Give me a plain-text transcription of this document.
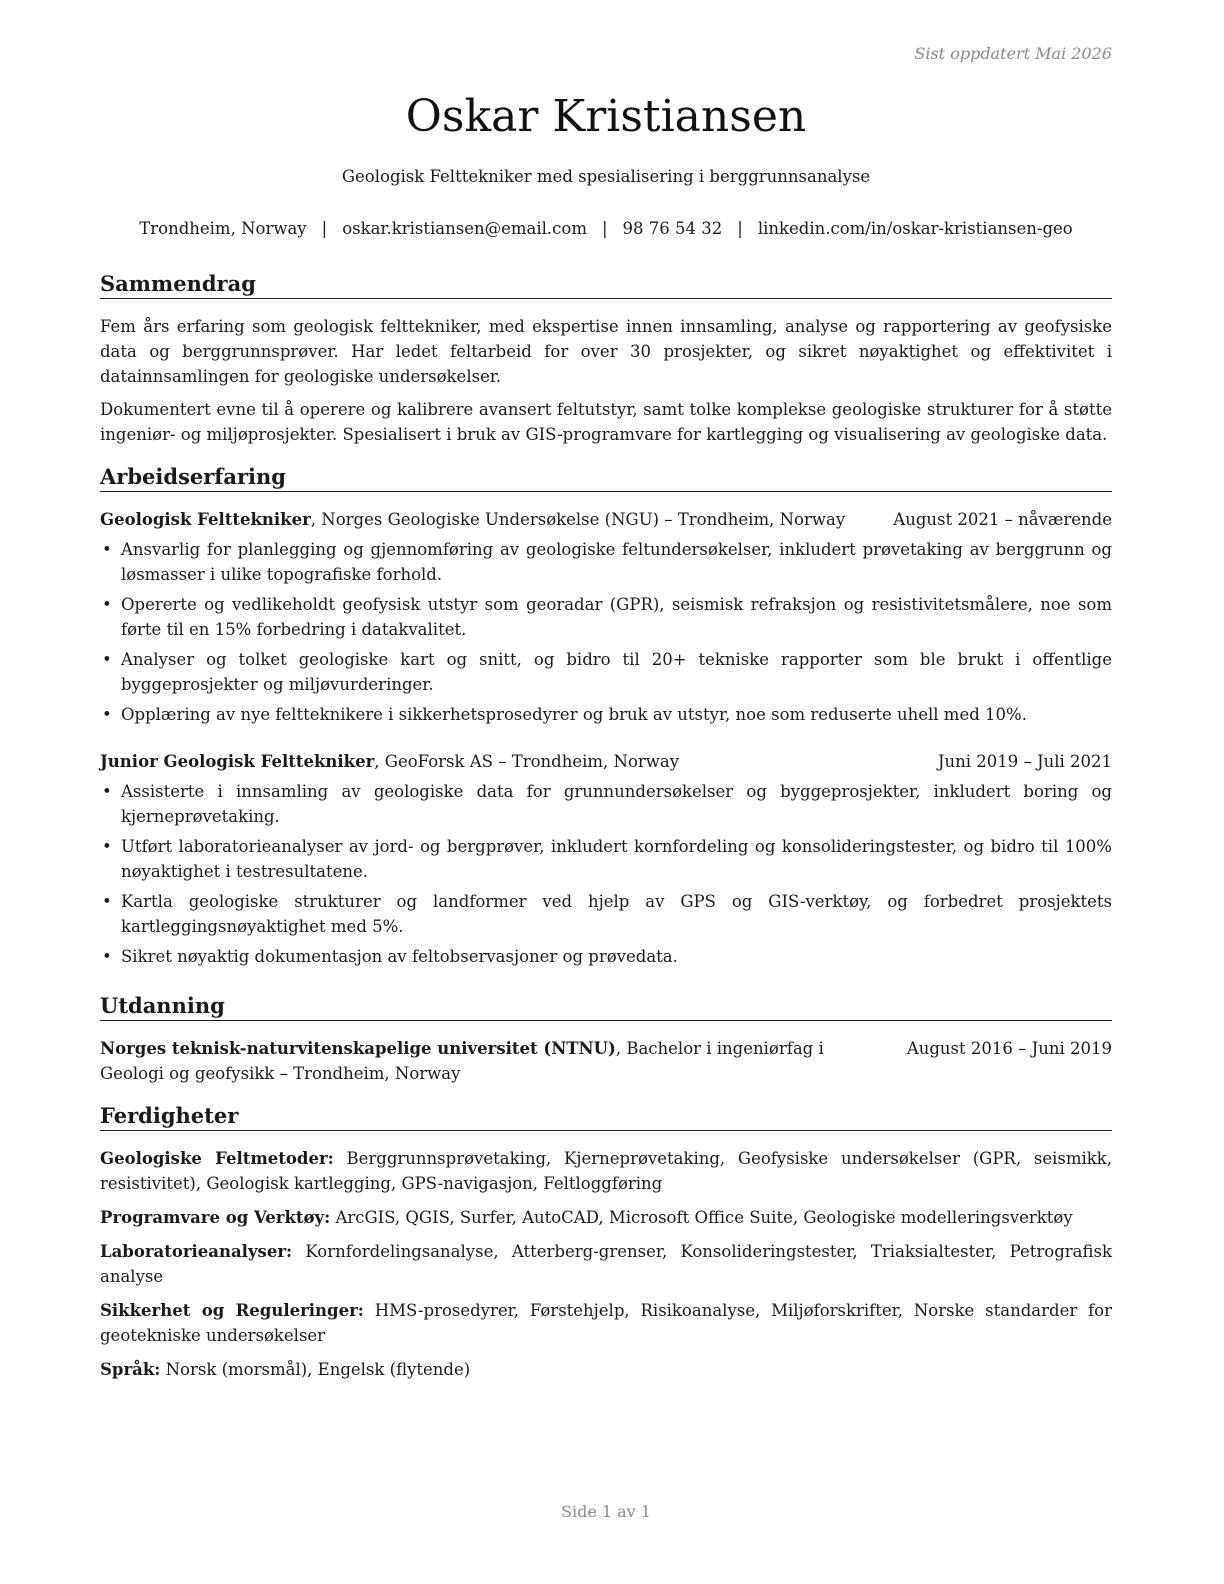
Sist oppdatert Mai 2026
Oskar Kristiansen
Geologisk Felttekniker med spesialisering i berggrunnsanalyse
Trondheim, Norway | oskar.kristiansen@email.com | 98 76 54 32 | linkedin.com/in/oskar-kristiansen-geo
Sammendrag

Fem års erfaring som geologisk felttekniker, med ekspertise innen innsamling, analyse og rapportering av geofysiske data og berggrunnsprøver. Har ledet feltarbeid for over 30 prosjekter, og sikret nøyaktighet og effektivitet i datainnsamlingen for geologiske undersøkelser.

Dokumentert evne til å operere og kalibrere avansert feltutstyr, samt tolke komplekse geologiske strukturer for å støtte ingeniør- og miljøprosjekter. Spesialisert i bruk av GIS-programvare for kartlegging og visualisering av geologiske data.

Arbeidserfaring
Geologisk Felttekniker, Norges Geologiske Undersøkelse (NGU) – Trondheim, Norway	August 2021 – nåværende
• Ansvarlig for planlegging og gjennomføring av geologiske feltundersøkelser, inkludert prøvetaking av berggrunn og løsmasser i ulike topografiske forhold.
• Opererte og vedlikeholdt geofysisk utstyr som georadar (GPR), seismisk refraksjon og resistivitetsmålere, noe som førte til en 15% forbedring i datakvalitet.
• Analyser og tolket geologiske kart og snitt, og bidro til 20+ tekniske rapporter som ble brukt i offentlige byggeprosjekter og miljøvurderinger.
• Opplæring av nye feltteknikere i sikkerhetsprosedyrer og bruk av utstyr, noe som reduserte uhell med 10%.
Junior Geologisk Felttekniker, GeoForsk AS – Trondheim, Norway	Juni 2019 – Juli 2021
• Assisterte i innsamling av geologiske data for grunnundersøkelser og byggeprosjekter, inkludert boring og kjerneprøvetaking.
• Utført laboratorieanalyser av jord- og bergprøver, inkludert kornfordeling og konsolideringstester, og bidro til 100% nøyaktighet i testresultatene.
• Kartla geologiske strukturer og landformer ved hjelp av GPS og GIS-verktøy, og forbedret prosjektets kartleggingsnøyaktighet med 5%.
• Sikret nøyaktig dokumentasjon av feltobservasjoner og prøvedata.
Utdanning
Norges teknisk-naturvitenskapelige universitet (NTNU), Bachelor i ingeniørfag i Geologi og geofysikk – Trondheim, Norway
August 2016 – Juni 2019
Ferdigheter
Geologiske Feltmetoder: Berggrunnsprøvetaking, Kjerneprøvetaking, Geofysiske undersøkelser (GPR, seismikk, resistivitet), Geologisk kartlegging, GPS-navigasjon, Feltloggføring
Programvare og Verktøy: ArcGIS, QGIS, Surfer, AutoCAD, Microsoft Office Suite, Geologiske modelleringsverktøy
Laboratorieanalyser: Kornfordelingsanalyse, Atterberg-grenser, Konsolideringstester, Triaksialtester, Petrografisk analyse
Sikkerhet og Reguleringer: HMS-prosedyrer, Førstehjelp, Risikoanalyse, Miljøforskrifter, Norske standarder for geotekniske undersøkelser
Språk: Norsk (morsmål), Engelsk (flytende)
Side 1 av 1
